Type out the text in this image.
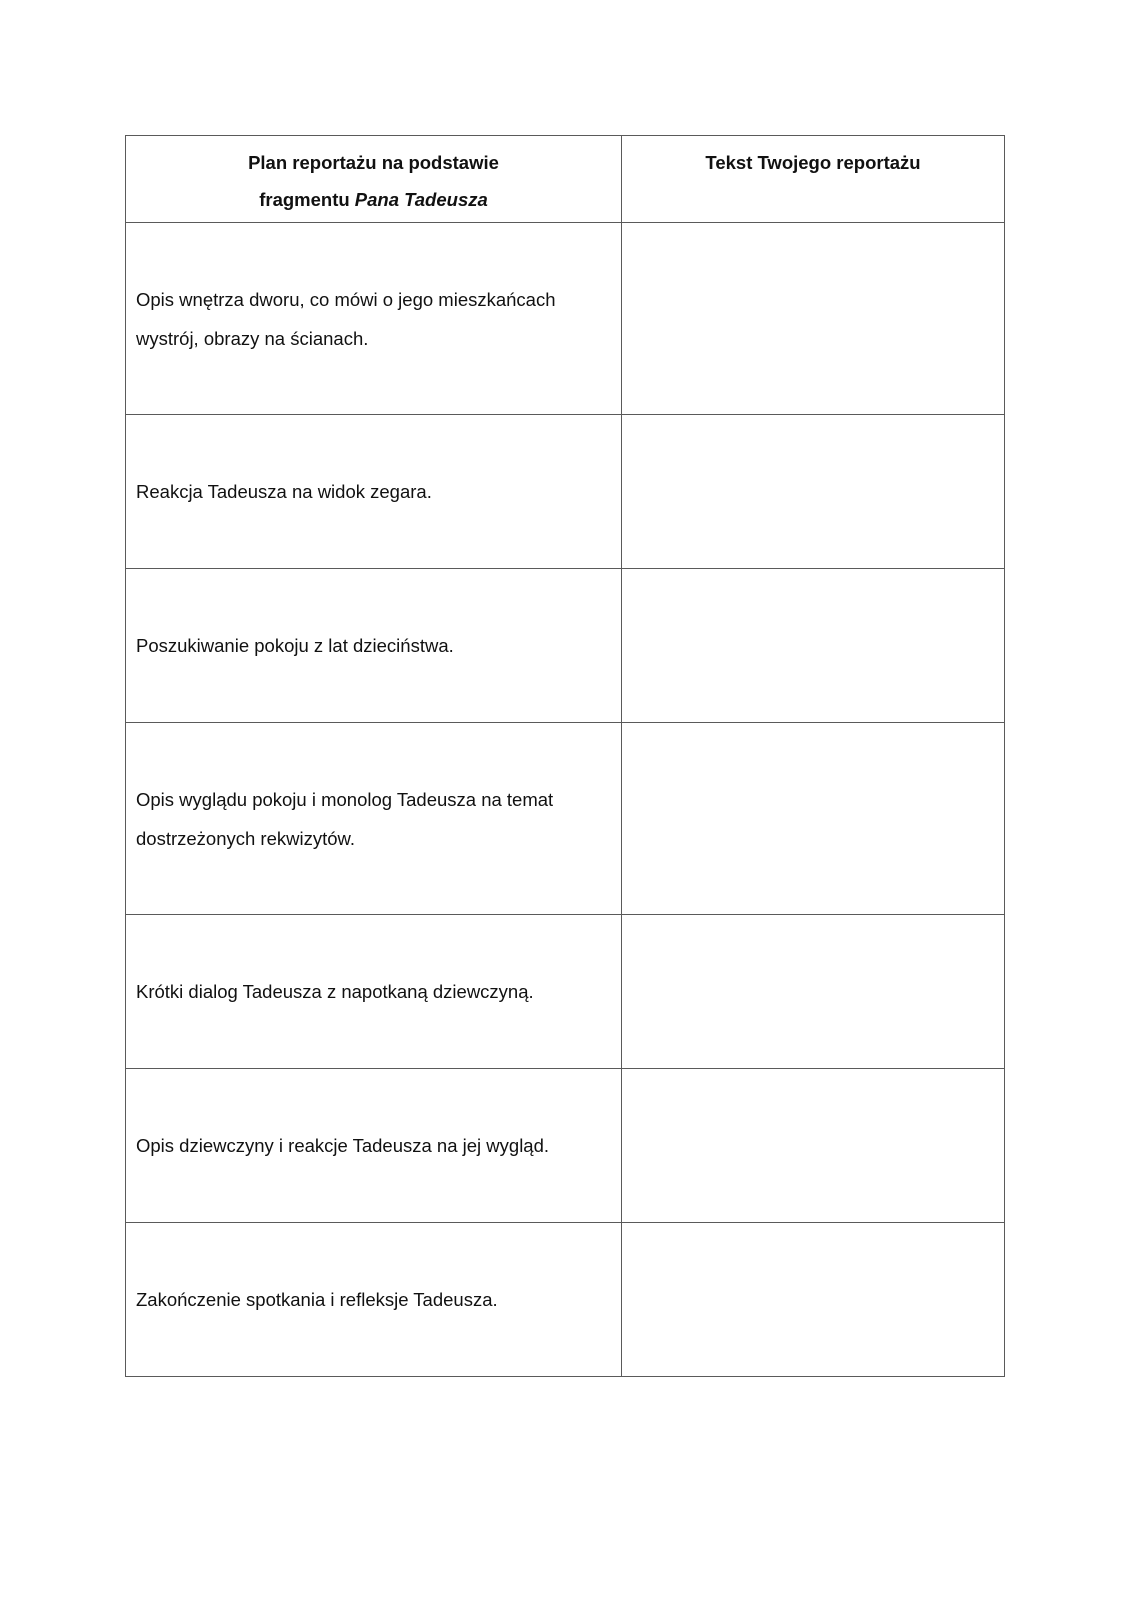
Plan reportażu na podstawie
fragmentu Pana Tadeusza	Tekst Twojego reportażu

Opis wnętrza dworu, co mówi o jego mieszkańcach wystrój, obrazy na ścianach.	
Reakcja Tadeusza na widok zegara.	
Poszukiwanie pokoju z lat dzieciństwa.	
Opis wyglądu pokoju i monolog Tadeusza na temat dostrzeżonych rekwizytów.	
Krótki dialog Tadeusza z napotkaną dziewczyną.	
Opis dziewczyny i reakcje Tadeusza na jej wygląd.	
Zakończenie spotkania i refleksje Tadeusza.	
